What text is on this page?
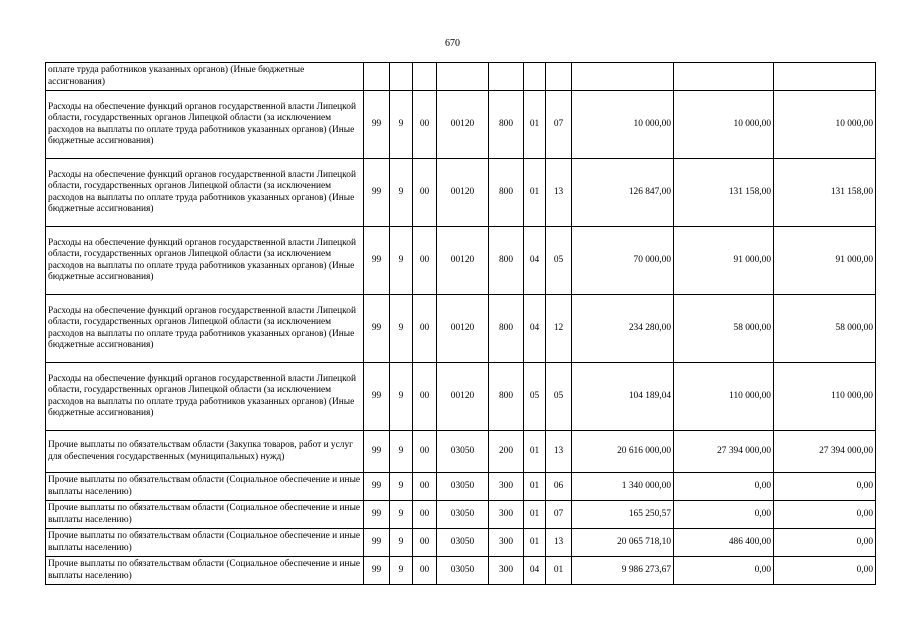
670
оплате труда работников указанных органов) (Иные бюджетные ассигнования)										
Расходы на обеспечение функций органов государственной власти Липецкой области, государственных органов Липецкой области (за исключением расходов на выплаты по оплате труда работников указанных органов) (Иные бюджетные ассигнования)	99	9	00	00120	800	01	07	10 000,00	10 000,00	10 000,00
Расходы на обеспечение функций органов государственной власти Липецкой области, государственных органов Липецкой области (за исключением расходов на выплаты по оплате труда работников указанных органов) (Иные бюджетные ассигнования)	99	9	00	00120	800	01	13	126 847,00	131 158,00	131 158,00
Расходы на обеспечение функций органов государственной власти Липецкой области, государственных органов Липецкой области (за исключением расходов на выплаты по оплате труда работников указанных органов) (Иные бюджетные ассигнования)	99	9	00	00120	800	04	05	70 000,00	91 000,00	91 000,00
Расходы на обеспечение функций органов государственной власти Липецкой области, государственных органов Липецкой области (за исключением расходов на выплаты по оплате труда работников указанных органов) (Иные бюджетные ассигнования)	99	9	00	00120	800	04	12	234 280,00	58 000,00	58 000,00
Расходы на обеспечение функций органов государственной власти Липецкой области, государственных органов Липецкой области (за исключением расходов на выплаты по оплате труда работников указанных органов) (Иные бюджетные ассигнования)	99	9	00	00120	800	05	05	104 189,04	110 000,00	110 000,00
Прочие выплаты по обязательствам области (Закупка товаров, работ и услуг для обеспечения государственных (муниципальных) нужд)	99	9	00	03050	200	01	13	20 616 000,00	27 394 000,00	27 394 000,00
Прочие выплаты по обязательствам области (Социальное обеспечение и иные выплаты населению)	99	9	00	03050	300	01	06	1 340 000,00	0,00	0,00
Прочие выплаты по обязательствам области (Социальное обеспечение и иные выплаты населению)	99	9	00	03050	300	01	07	165 250,57	0,00	0,00
Прочие выплаты по обязательствам области (Социальное обеспечение и иные выплаты населению)	99	9	00	03050	300	01	13	20 065 718,10	486 400,00	0,00
Прочие выплаты по обязательствам области (Социальное обеспечение и иные выплаты населению)	99	9	00	03050	300	04	01	9 986 273,67	0,00	0,00
